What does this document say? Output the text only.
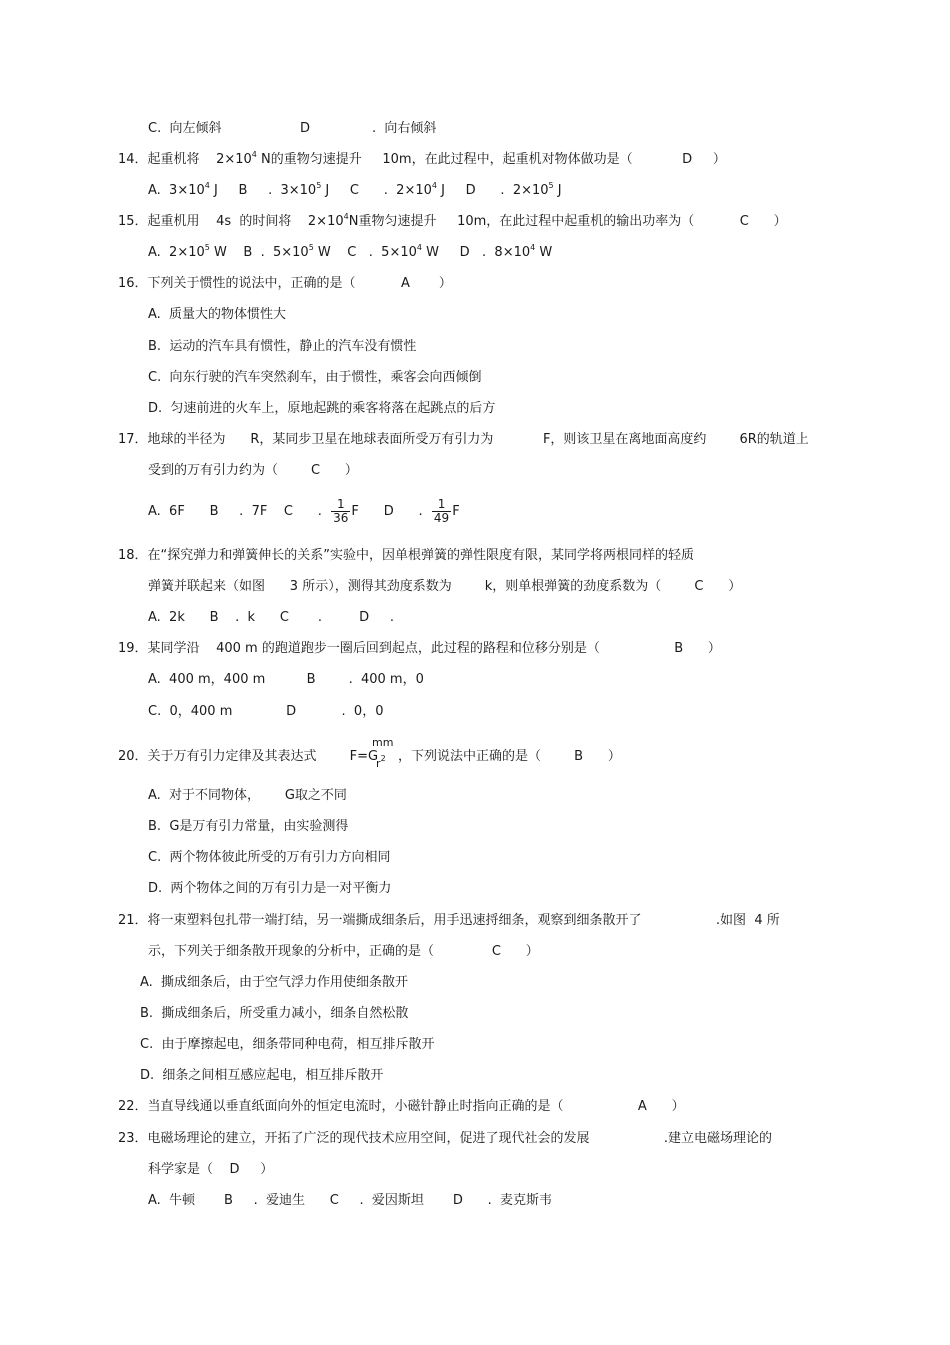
C.  向左倾斜                   D               .  向右倾斜
14．起重机将    $2\times 10^4$ N的重物匀速提升     10m，在此过程中，起重机对物体做功是（            D     ）
A.  $3\times 10^4$ J     B     .  $3\times 10^5$ J     C      .  $2\times 10^4$ J     D      .  $2\times 10^5$ J
15．起重机用    4s  的时间将    $2\times 10^4N$重物匀速提升     10m，在此过程中起重机的输出功率为（           C      ）
A.  $2\times 10^5$ W    B  .  $5\times 10^5$ W    C   .  $5\times 10^4$ W     D   .  $8\times 10^4$ W
16．下列关于惯性的说法中，正确的是（           A       ）
A.  质量大的物体惯性大
B.  运动的汽车具有惯性，静止的汽车没有惯性
C.  向东行驶的汽车突然刹车，由于惯性，乘客会向西倾倒
D.  匀速前进的火车上，原地起跳的乘客将落在起跳点的后方
17．地球的半径为      R，某同步卫星在地球表面所受万有引力为            F，则该卫星在离地面高度约        6R的轨道上
受到的万有引力约为（        C      ）
18．在“探究弹力和弹簧伸长的关系”实验中，因单根弹簧的弹性限度有限，某同学将两根同样的轻质
A.  2k      B    .  k      C       .         D     .
19．某同学沿    400 m 的跑道跑步一圈后回到起点，此过程的路程和位移分别是（                  B      ）
A.  400 m，400 m          B        .  400 m，0
C.  0，400 m             D           .  0，0
A.  对于不同物体，      G取之不同
B.  G是万有引力常量，由实验测得
C.  两个物体彼此所受的万有引力方向相同
D.  两个物体之间的万有引力是一对平衡力
21．将一束塑料包扎带一端打结，另一端撕成细条后，用手迅速捋细条，观察到细条散开了                  .如图  4 所
示，下列关于细条散开现象的分析中，正确的是（              C      ）
A.  撕成细条后，由于空气浮力作用使细条散开
B.  撕成细条后，所受重力减小，细条自然松散
C.  由于摩擦起电，细条带同种电荷，相互排斥散开
D.  细条之间相互感应起电，相互排斥散开
22．当直导线通以垂直纸面向外的恒定电流时，小磁针静止时指向正确的是（                  A      ）
23．电磁场理论的建立，开拓了广泛的现代技术应用空间，促进了现代社会的发展                  .建立电磁场理论的
科学家是（    D     ）
A.  牛顿       B     .  爱迪生      C     .  爱因斯坦       D      .  麦克斯韦
弹簧并联起来（如图      3 所示），测得其劲度系数为        k，则单根弹簧的劲度系数为（        C      ）
A.  6F      B     .  7F    C      . $\frac{1}{36}$ F      D      . $\frac{1}{49}$ F
20．关于万有引力定律及其表达式        F=G
mm
$r^2$ ，下列说法中正确的是（        B      ）
